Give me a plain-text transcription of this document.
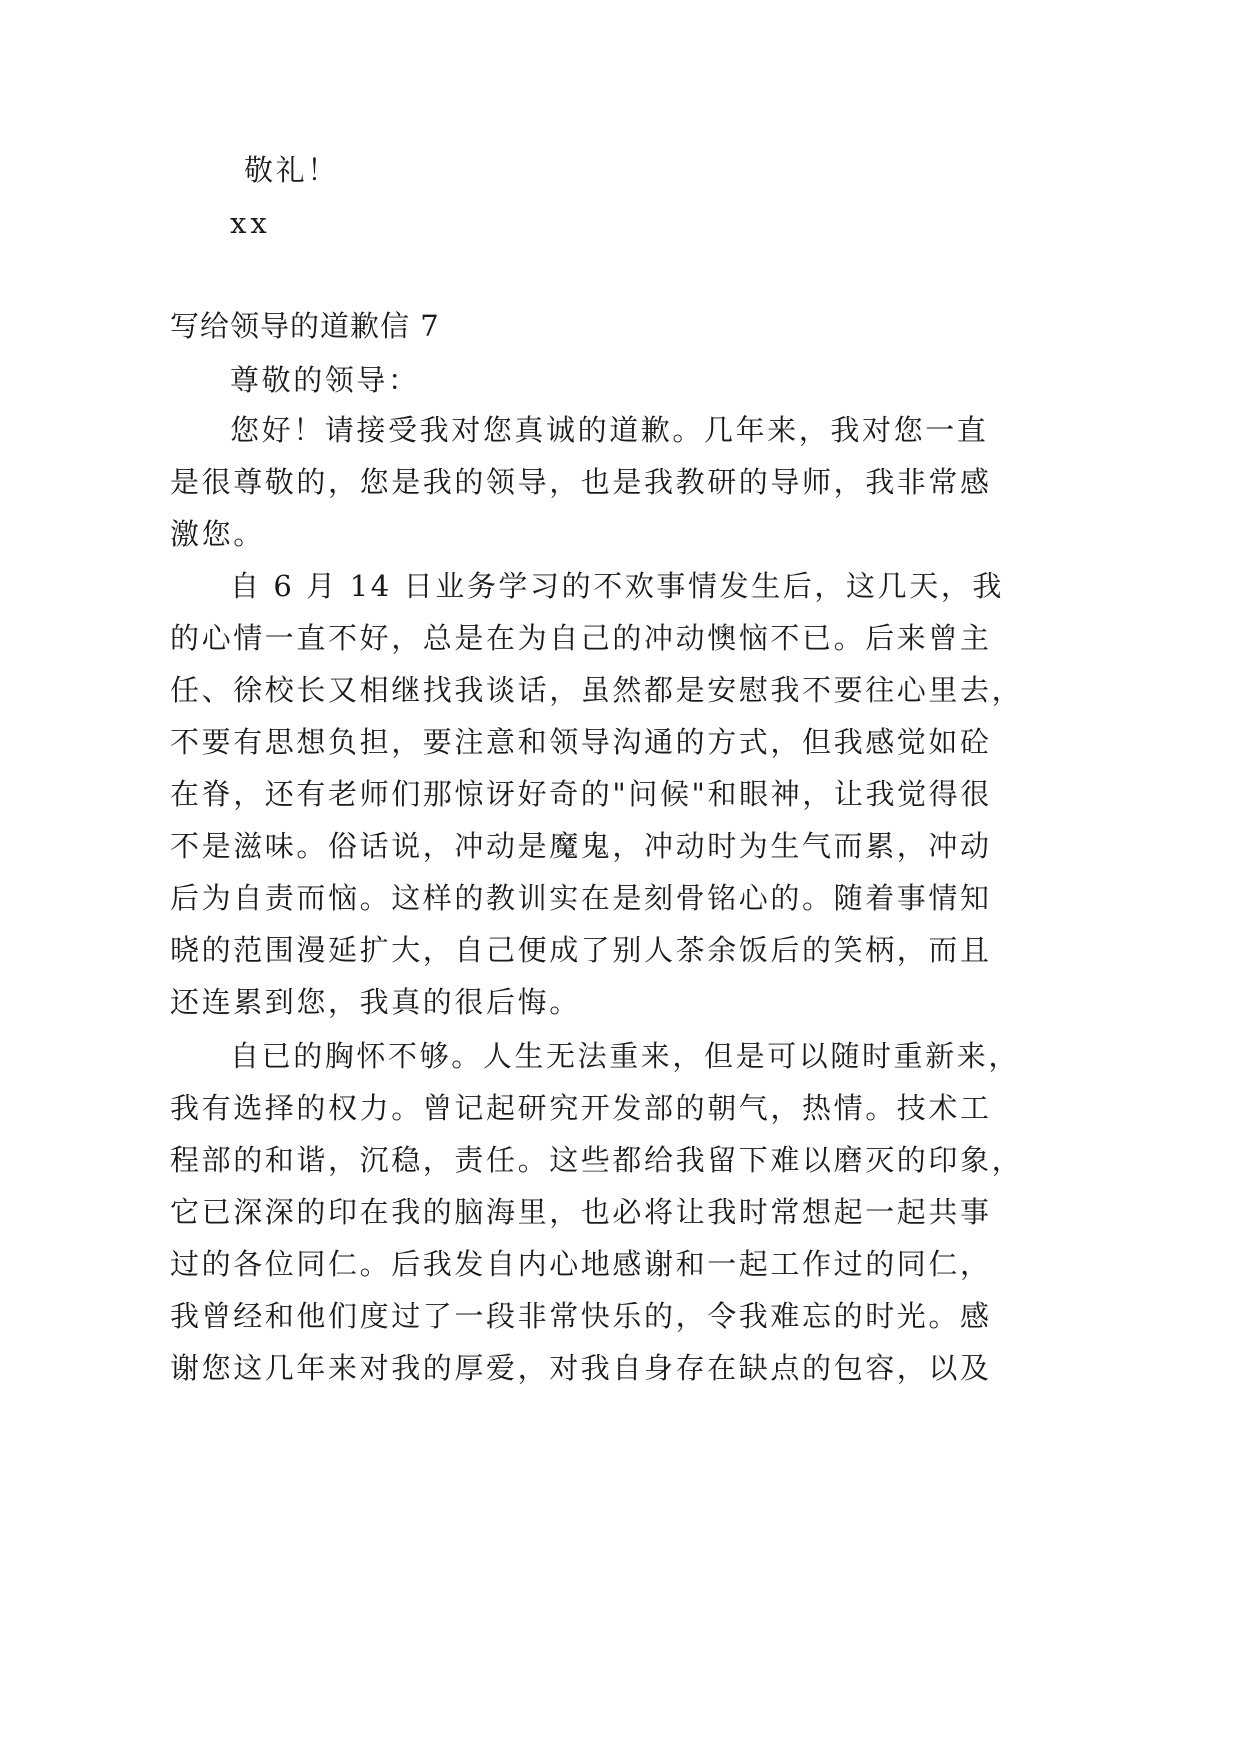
敬礼！
xx
写给领导的道歉信 7
尊敬的领导：
您好！请接受我对您真诚的道歉。几年来，我对您一直
是很尊敬的，您是我的领导，也是我教研的导师，我非常感
激您。
自 6 月 14 日业务学习的不欢事情发生后，这几天，我
的心情一直不好，总是在为自己的冲动懊恼不已。后来曾主
任、徐校长又相继找我谈话，虽然都是安慰我不要往心里去，
不要有思想负担，要注意和领导沟通的方式，但我感觉如砼
在脊，还有老师们那惊讶好奇的"问候"和眼神，让我觉得很
不是滋味。俗话说，冲动是魔鬼，冲动时为生气而累，冲动
后为自责而恼。这样的教训实在是刻骨铭心的。随着事情知
晓的范围漫延扩大，自己便成了别人茶余饭后的笑柄，而且
还连累到您，我真的很后悔。
自已的胸怀不够。人生无法重来，但是可以随时重新来，
我有选择的权力。曾记起研究开发部的朝气，热情。技术工
程部的和谐，沉稳，责任。这些都给我留下难以磨灭的印象，
它已深深的印在我的脑海里，也必将让我时常想起一起共事
过的各位同仁。后我发自内心地感谢和一起工作过的同仁，
我曾经和他们度过了一段非常快乐的，令我难忘的时光。感
谢您这几年来对我的厚爱，对我自身存在缺点的包容，以及
